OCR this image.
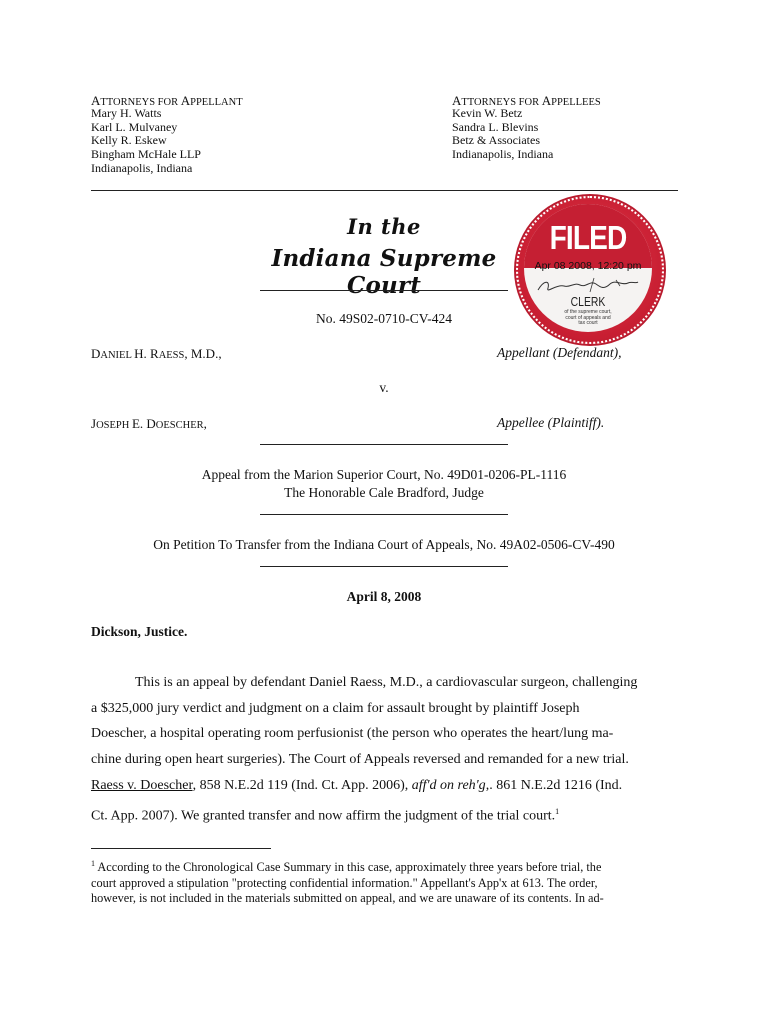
ATTORNEYS FOR APPELLANT
Mary H. Watts
Karl L. Mulvaney
Kelly R. Eskew
Bingham McHale LLP
Indianapolis, Indiana
ATTORNEYS FOR APPELLEES
Kevin W. Betz
Sandra L. Blevins
Betz & Associates
Indianapolis, Indiana
In the
Indiana Supreme Court
FILED
Apr 08 2008, 12:20 pm
CLERK
of the supreme court, court of appeals and tax court
No. 49S02-0710-CV-424
DANIEL H. RAESS, M.D.,	Appellant (Defendant),
v.
JOSEPH E. DOESCHER,	Appellee (Plaintiff).
Appeal from the Marion Superior Court, No. 49D01-0206-PL-1116
The Honorable Cale Bradford, Judge
On Petition To Transfer from the Indiana Court of Appeals, No. 49A02-0506-CV-490
April 8, 2008
Dickson, Justice.
This is an appeal by defendant Daniel Raess, M.D., a cardiovascular surgeon, challenging
a $325,000 jury verdict and judgment on a claim for assault brought by plaintiff Joseph
Doescher, a hospital operating room perfusionist (the person who operates the heart/lung ma-
chine during open heart surgeries). The Court of Appeals reversed and remanded for a new trial.
Raess v. Doescher, 858 N.E.2d 119 (Ind. Ct. App. 2006), aff'd on reh'g,. 861 N.E.2d 1216 (Ind.
Ct. App. 2007). We granted transfer and now affirm the judgment of the trial court.$^1$
$^1$ According to the Chronological Case Summary in this case, approximately three years before trial, the
court approved a stipulation "protecting confidential information." Appellant's App'x at 613. The order,
however, is not included in the materials submitted on appeal, and we are unaware of its contents. In ad-
